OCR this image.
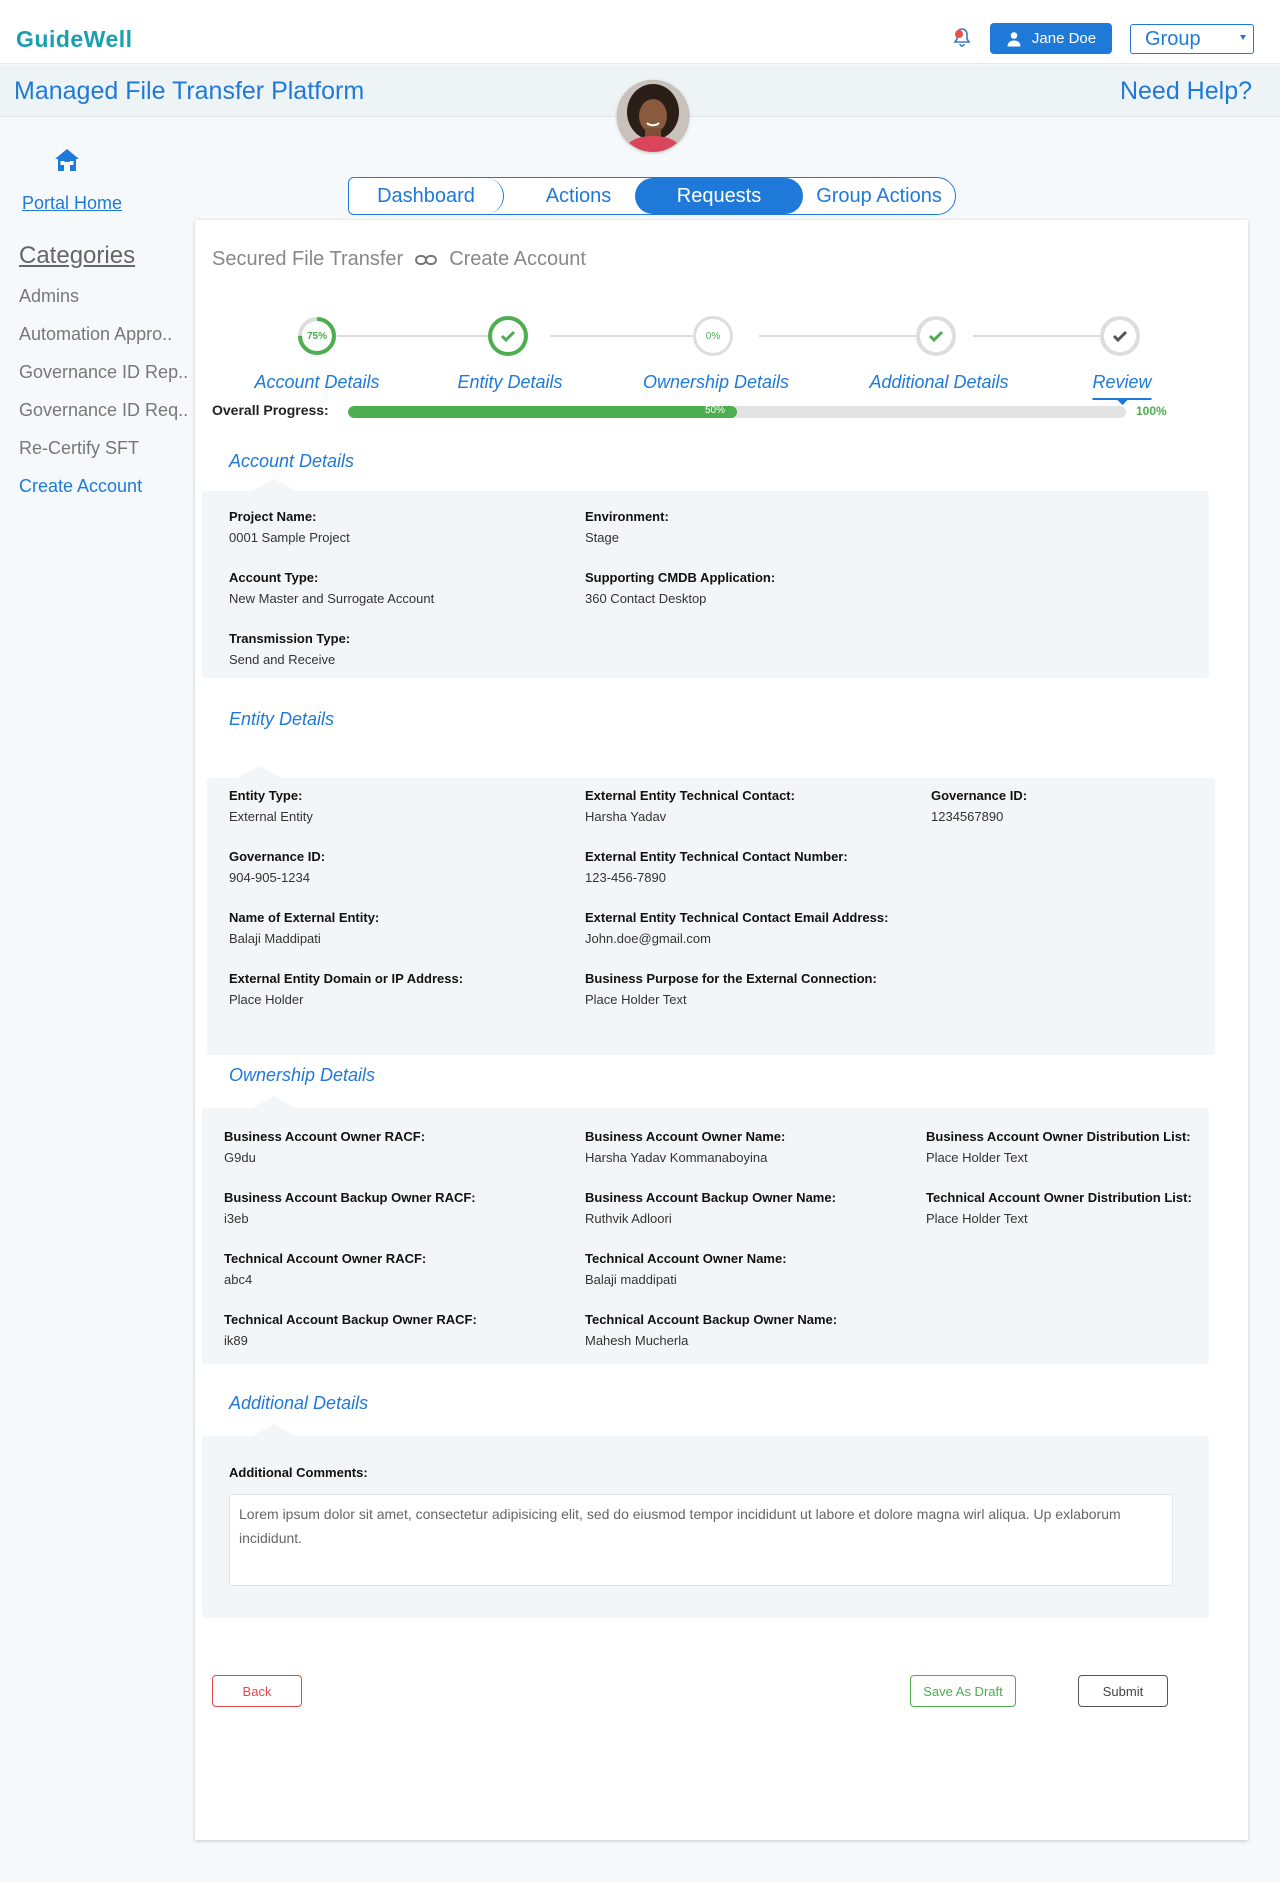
GuideWell	Jane Doe	Group
Managed File Transfer Platform	Need Help?
Portal Home
Categories
Admins
Automation Appro..
Governance ID Rep..
Governance ID Req..
Re-Certify SFT
Create Account
Group Actions
Actions
Dashboard	Requests
Secured File Transfer Create Account
75%	0%
Account Details	Entity Details	Ownership Details	Additional Details	Review
Overall Progress:	50%	100%
Account Details
Project Name:
0001 Sample Project
Environment:
Stage
Account Type:
New Master and Surrogate Account
Supporting CMDB Application:
360 Contact Desktop
Transmission Type:
Send and Receive
Entity Details
Entity Type:
External Entity
External Entity Technical Contact:
Harsha Yadav
Governance ID:
1234567890
Governance ID:
904-905-1234
External Entity Technical Contact Number:
123-456-7890
Name of External Entity:
Balaji Maddipati
External Entity Technical Contact Email Address:
John.doe@gmail.com
External Entity Domain or IP Address:
Place Holder
Business Purpose for the External Connection:
Place Holder Text
Ownership Details
Business Account Owner RACF:
G9du
Business Account Owner Name:
Harsha Yadav Kommanaboyina
Business Account Owner Distribution List:
Place Holder Text
Business Account Backup Owner RACF:
i3eb
Business Account Backup Owner Name:
Ruthvik Adloori
Technical Account Owner Distribution List:
Place Holder Text
Technical Account Owner RACF:
abc4
Technical Account Owner Name:
Balaji maddipati
Technical Account Backup Owner RACF:
ik89
Technical Account Backup Owner Name:
Mahesh Mucherla
Additional Details
Additional Comments:
Lorem ipsum dolor sit amet, consectetur adipisicing elit, sed do eiusmod tempor incididunt ut labore et dolore magna wirl aliqua. Up exlaborum incididunt.
Back	Save As Draft	Submit
